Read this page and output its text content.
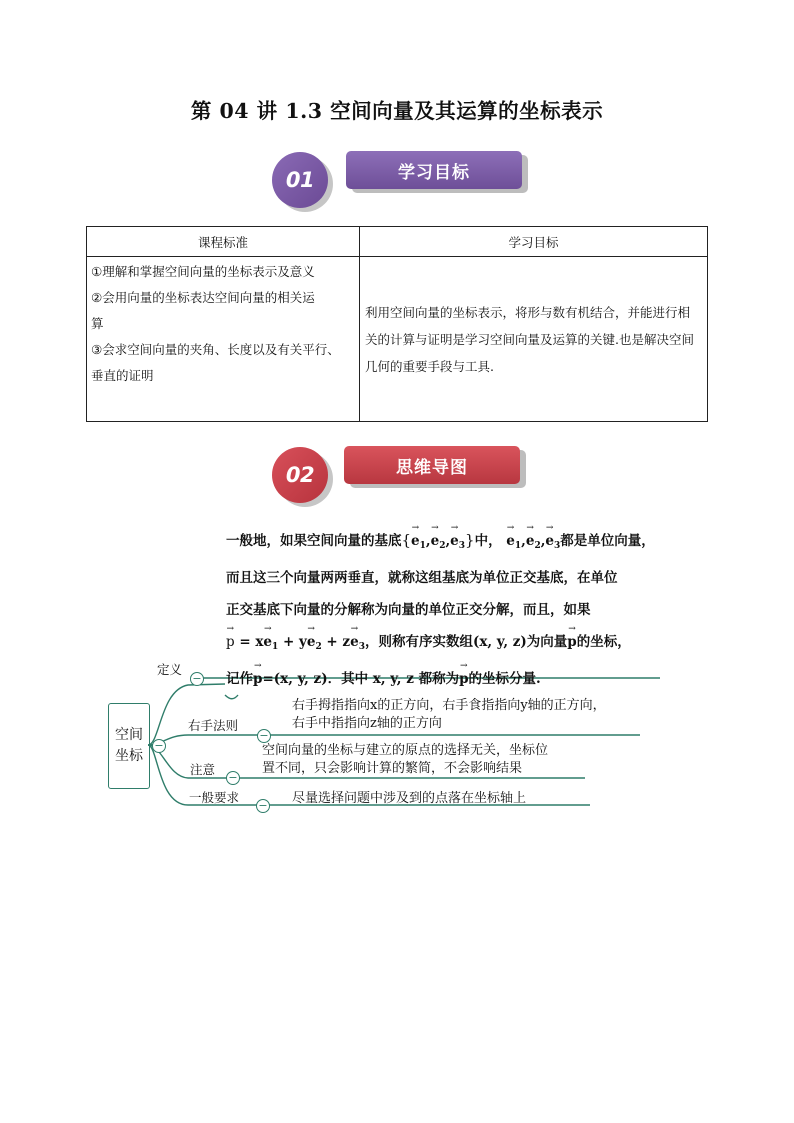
第 04 讲 1.3 空间向量及其运算的坐标表示
01	学习目标
课程标准	学习目标

①理解和掌握空间向量的坐标表示及意义
②会用向量的坐标表达空间向量的相关运
算
③会求空间向量的夹角、长度以及有关平行、
垂直的证明	利用空间向量的坐标表示，将形与数有机结合，并能进行相关的计算与证明是学习空间向量及运算的关键.也是解决空间几何的重要手段与工具.
02	思维导图
空间坐标
−
−
−
−
−
定义
右手法则
注意
一般要求

一般地，如果空间向量的基底{→ $e_1,\to e_2,\to e_3$}中， → $e_1,\to e_2,\to e_3$都是单位向量，

而且这三个向量两两垂直，就称这组基底为单位正交基底，在单位

正交基底下向量的分解称为向量的单位正交分解，而且，如果

→ $p = x\to e_1 + y\to e_2 + z\to e_3$，则称有序实数组(x, y, z)为向量→ p的坐标，

记作→ p=(x, y, z)．其中 x, y, z 都称为→ p的坐标分量.

右手拇指指向x的正方向，右手食指指向y轴的正方向，
右手中指指向z轴的正方向
空间向量的坐标与建立的原点的选择无关，坐标位
置不同，只会影响计算的繁简，不会影响结果
尽量选择问题中涉及到的点落在坐标轴上
